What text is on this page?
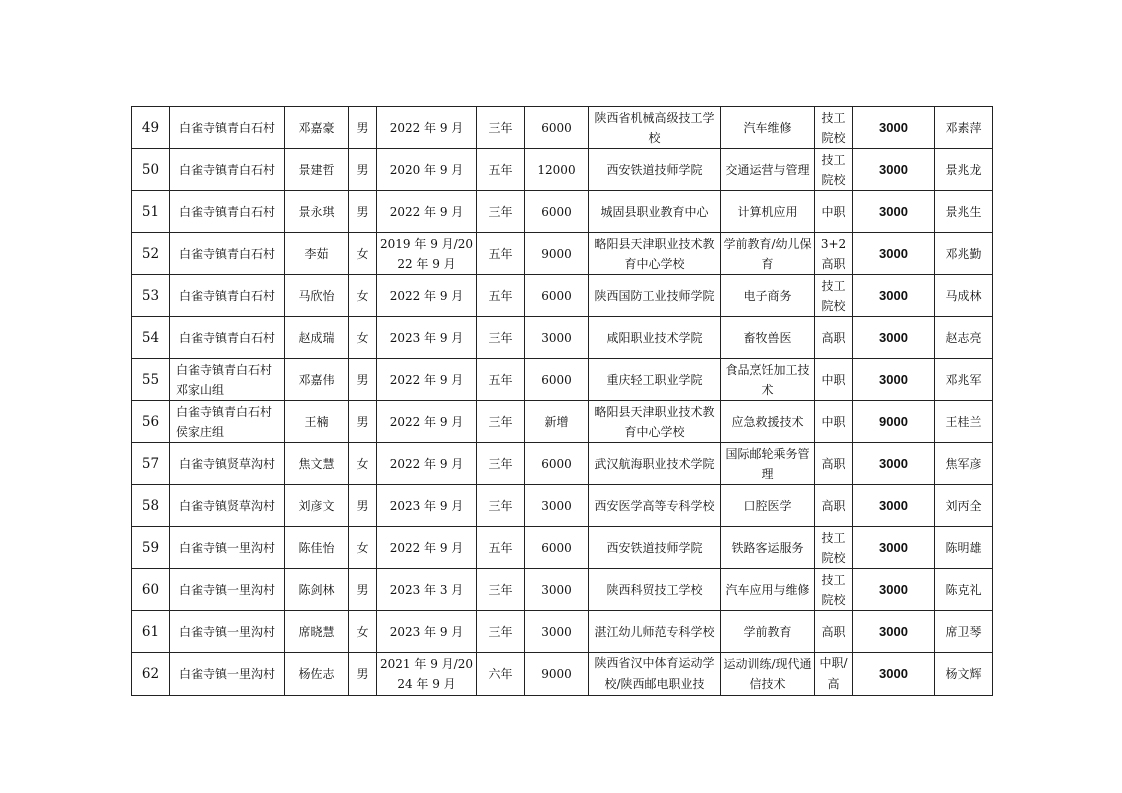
49	白雀寺镇青白石村	邓嘉豪	男	2022 年 9 月	三年	6000	陕西省机械高级技工学校	汽车维修	技工院校	3000	邓素萍
50	白雀寺镇青白石村	景建哲	男	2020 年 9 月	五年	12000	西安铁道技师学院	交通运营与管理	技工院校	3000	景兆龙
51	白雀寺镇青白石村	景永琪	男	2022 年 9 月	三年	6000	城固县职业教育中心	计算机应用	中职	3000	景兆生
52	白雀寺镇青白石村	李茹	女	2019 年 9 月/2022 年 9 月	五年	9000	略阳县天津职业技术教育中心学校	学前教育/幼儿保育	3+2高职	3000	邓兆勤
53	白雀寺镇青白石村	马欣怡	女	2022 年 9 月	五年	6000	陕西国防工业技师学院	电子商务	技工院校	3000	马成林
54	白雀寺镇青白石村	赵成瑞	女	2023 年 9 月	三年	3000	咸阳职业技术学院	畜牧兽医	高职	3000	赵志亮
55	白雀寺镇青白石村邓家山组	邓嘉伟	男	2022 年 9 月	五年	6000	重庆轻工职业学院	食品烹饪加工技术	中职	3000	邓兆军
56	白雀寺镇青白石村侯家庄组	王楠	男	2022 年 9 月	三年	新增	略阳县天津职业技术教育中心学校	应急救援技术	中职	9000	王桂兰
57	白雀寺镇贤草沟村	焦文慧	女	2022 年 9 月	三年	6000	武汉航海职业技术学院	国际邮轮乘务管理	高职	3000	焦军彦
58	白雀寺镇贤草沟村	刘彦文	男	2023 年 9 月	三年	3000	西安医学高等专科学校	口腔医学	高职	3000	刘丙全
59	白雀寺镇一里沟村	陈佳怡	女	2022 年 9 月	五年	6000	西安铁道技师学院	铁路客运服务	技工院校	3000	陈明雄
60	白雀寺镇一里沟村	陈剑林	男	2023 年 3 月	三年	3000	陕西科贸技工学校	汽车应用与维修	技工院校	3000	陈克礼
61	白雀寺镇一里沟村	席晓慧	女	2023 年 9 月	三年	3000	湛江幼儿师范专科学校	学前教育	高职	3000	席卫琴
62	白雀寺镇一里沟村	杨佐志	男	2021 年 9 月/2024 年 9 月	六年	9000	陕西省汉中体育运动学校/陕西邮电职业技	运动训练/现代通信技术	中职/高	3000	杨文辉
